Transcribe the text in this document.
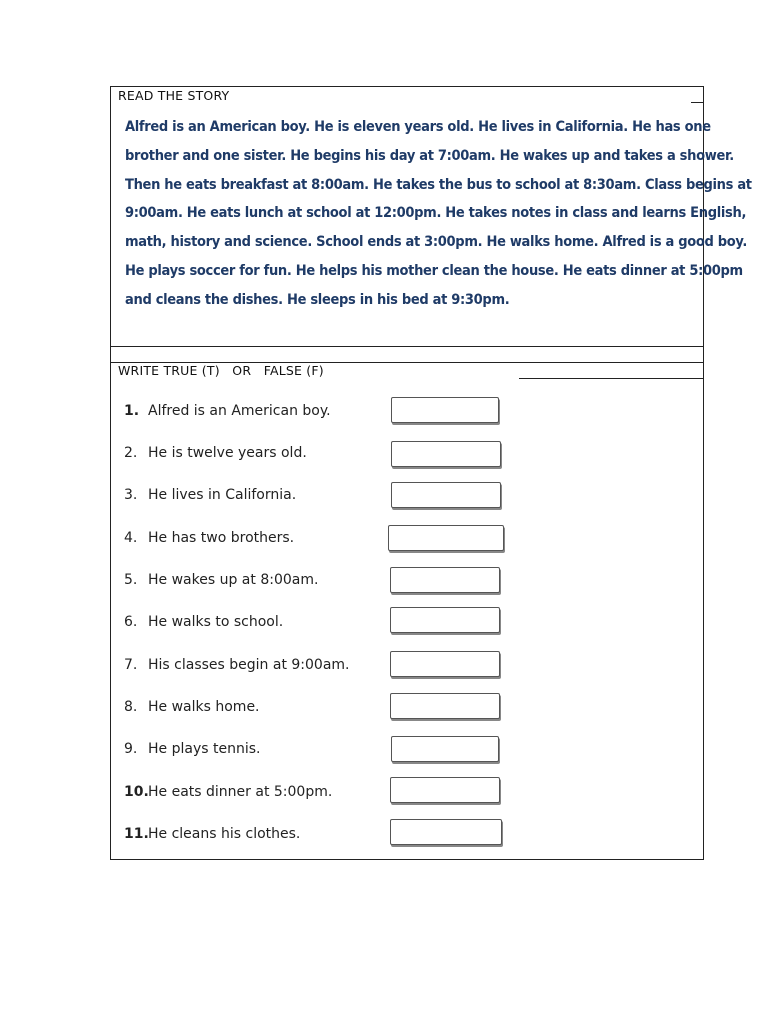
READ THE STORY
Alfred is an American boy. He is eleven years old. He lives in California. He has one
brother and one sister. He begins his day at 7:00am. He wakes up and takes a shower.
Then he eats breakfast at 8:00am. He takes the bus to school at 8:30am. Class begins at
9:00am. He eats lunch at school at 12:00pm. He takes notes in class and learns English,
math, history and science. School ends at 3:00pm. He walks home. Alfred is a good boy.
He plays soccer for fun. He helps his mother clean the house. He eats dinner at 5:00pm
and cleans the dishes. He sleeps in his bed at 9:30pm.
WRITE TRUE (T)   OR   FALSE (F)
1. Alfred is an American boy.
2. He is twelve years old.
3. He lives in California.
4. He has two brothers.
5. He wakes up at 8:00am.
6. He walks to school.
7. His classes begin at 9:00am.
8. He walks home.
9. He plays tennis.
10.He eats dinner at 5:00pm.
11.He cleans his clothes.
